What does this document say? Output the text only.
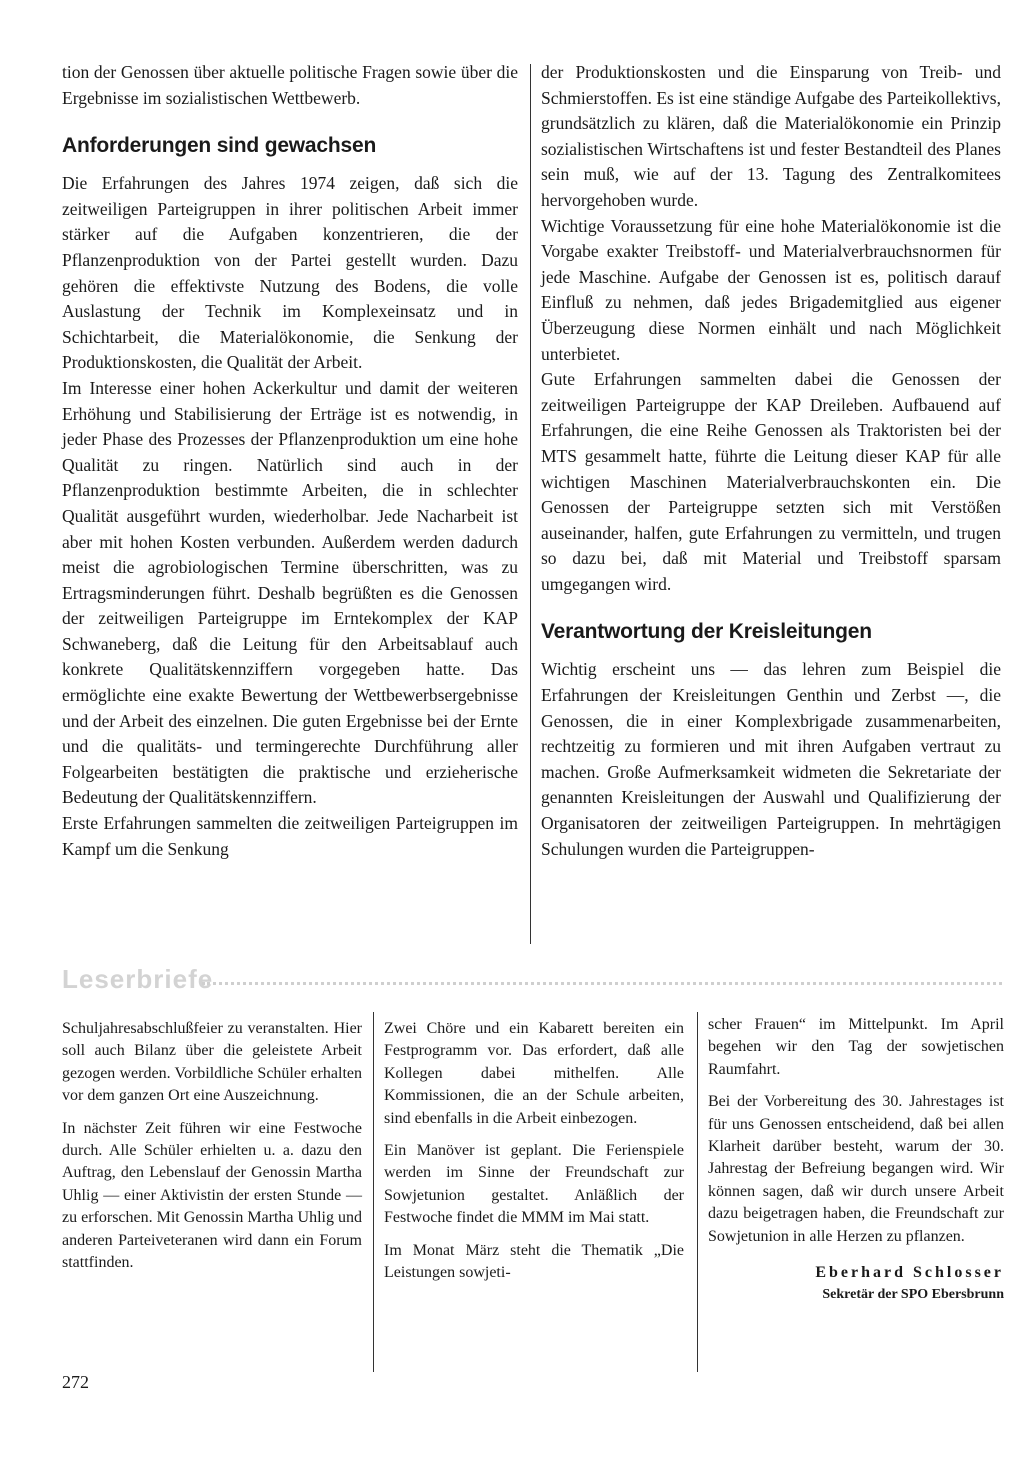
tion der Genossen über aktuelle politische Fragen sowie über die Ergebnisse im sozialistischen Wettbewerb.

Anforderungen sind gewachsen

Die Erfahrungen des Jahres 1974 zeigen, daß sich die zeitweiligen Parteigruppen in ihrer politischen Arbeit immer stärker auf die Aufgaben konzentrieren, die der Pflanzenproduktion von der Partei gestellt wurden. Dazu gehören die effektivste Nutzung des Bodens, die volle Auslastung der Technik im Komplexeinsatz und in Schichtarbeit, die Materialökonomie, die Senkung der Produktionskosten, die Qualität der Arbeit.

Im Interesse einer hohen Ackerkultur und damit der weiteren Erhöhung und Stabilisierung der Erträge ist es notwendig, in jeder Phase des Prozesses der Pflanzenproduktion um eine hohe Qualität zu ringen. Natürlich sind auch in der Pflanzenproduktion bestimmte Arbeiten, die in schlechter Qualität ausgeführt wurden, wiederholbar. Jede Nacharbeit ist aber mit hohen Kosten verbunden. Außerdem werden dadurch meist die agrobiologischen Termine überschritten, was zu Ertragsminderungen führt. Deshalb begrüßten es die Genossen der zeitweiligen Parteigruppe im Erntekomplex der KAP Schwaneberg, daß die Leitung für den Arbeitsablauf auch konkrete Qualitätskennziffern vorgegeben hatte. Das ermöglichte eine exakte Bewertung der Wettbewerbsergebnisse und der Arbeit des einzelnen. Die guten Ergebnisse bei der Ernte und die qualitäts- und termingerechte Durchführung aller Folgearbeiten bestätigten die praktische und erzieherische Bedeutung der Qualitätskennziffern.

Erste Erfahrungen sammelten die zeitweiligen Parteigruppen im Kampf um die Senkung

der Produktionskosten und die Einsparung von Treib- und Schmierstoffen. Es ist eine ständige Aufgabe des Parteikollektivs, grundsätzlich zu klären, daß die Materialökonomie ein Prinzip sozialistischen Wirtschaftens ist und fester Bestandteil des Planes sein muß, wie auf der 13. Tagung des Zentralkomitees hervorgehoben wurde.

Wichtige Voraussetzung für eine hohe Materialökonomie ist die Vorgabe exakter Treibstoff- und Materialverbrauchsnormen für jede Maschine. Aufgabe der Genossen ist es, politisch darauf Einfluß zu nehmen, daß jedes Brigademitglied aus eigener Überzeugung diese Normen einhält und nach Möglichkeit unterbietet.

Gute Erfahrungen sammelten dabei die Genossen der zeitweiligen Parteigruppe der KAP Dreileben. Aufbauend auf Erfahrungen, die eine Reihe Genossen als Traktoristen bei der MTS gesammelt hatte, führte die Leitung dieser KAP für alle wichtigen Maschinen Materialverbrauchskonten ein. Die Genossen der Parteigruppe setzten sich mit Verstößen auseinander, halfen, gute Erfahrungen zu vermitteln, und trugen so dazu bei, daß mit Material und Treibstoff sparsam umgegangen wird.

Verantwortung der Kreisleitungen

Wichtig erscheint uns — das lehren zum Beispiel die Erfahrungen der Kreisleitungen Genthin und Zerbst —, die Genossen, die in einer Komplexbrigade zusammenarbeiten, rechtzeitig zu formieren und mit ihren Aufgaben vertraut zu machen. Große Aufmerksamkeit widmeten die Sekretariate der genannten Kreisleitungen der Auswahl und Qualifizierung der Organisatoren der zeitweiligen Parteigruppen. In mehrtägigen Schulungen wurden die Parteigruppen-

Leserbriefe

Schuljahresabschlußfeier zu veranstalten. Hier soll auch Bilanz über die geleistete Arbeit gezogen werden. Vorbildliche Schüler erhalten vor dem ganzen Ort eine Auszeichnung.

In nächster Zeit führen wir eine Festwoche durch. Alle Schüler erhielten u. a. dazu den Auftrag, den Lebenslauf der Genossin Martha Uhlig — einer Aktivistin der ersten Stunde — zu erforschen. Mit Genossin Martha Uhlig und anderen Parteiveteranen wird dann ein Forum stattfinden.

Zwei Chöre und ein Kabarett bereiten ein Festprogramm vor. Das erfordert, daß alle Kollegen dabei mithelfen. Alle Kommissionen, die an der Schule arbeiten, sind ebenfalls in die Arbeit einbezogen.

Ein Manöver ist geplant. Die Ferienspiele werden im Sinne der Freundschaft zur Sowjetunion gestaltet. Anläßlich der Festwoche findet die MMM im Mai statt.

Im Monat März steht die Thematik „Die Leistungen sowjeti-

scher Frauen“ im Mittelpunkt. Im April begehen wir den Tag der sowjetischen Raumfahrt.

Bei der Vorbereitung des 30. Jahrestages ist für uns Genossen entscheidend, daß bei allen Klarheit darüber besteht, warum der 30. Jahrestag der Befreiung begangen wird. Wir können sagen, daß wir durch unsere Arbeit dazu beigetragen haben, die Freundschaft zur Sowjetunion in alle Herzen zu pflanzen.

Eberhard Schlosser
Sekretär der SPO Ebersbrunn
272
